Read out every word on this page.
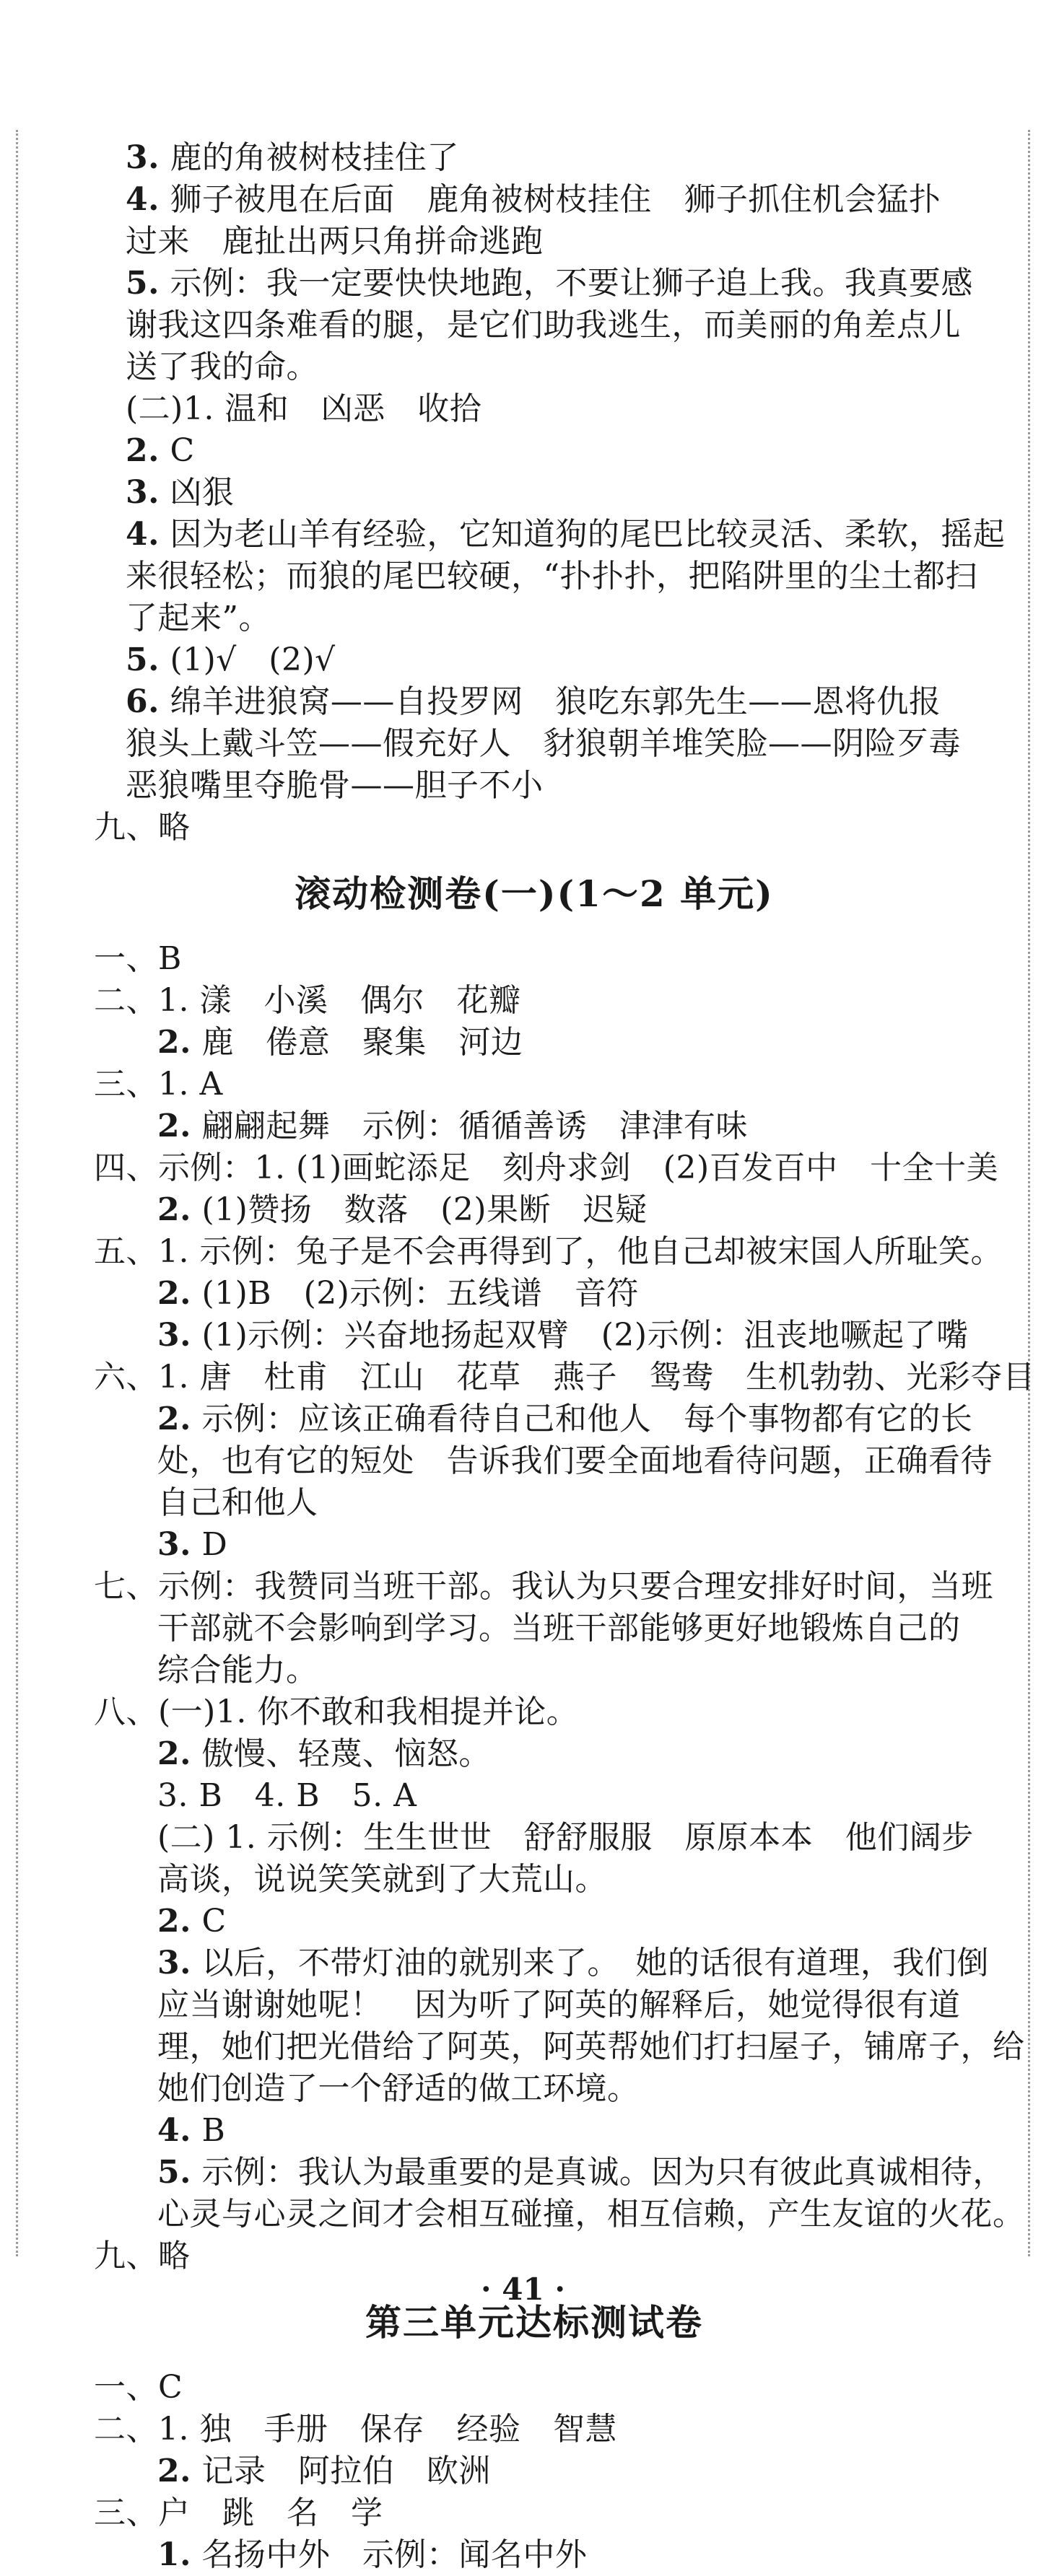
3. 鹿的角被树枝挂住了
4. 狮子被甩在后面　鹿角被树枝挂住　狮子抓住机会猛扑
过来　鹿扯出两只角拼命逃跑
5. 示例：我一定要快快地跑，不要让狮子追上我。我真要感
谢我这四条难看的腿，是它们助我逃生，而美丽的角差点儿
送了我的命。
(二)1. 温和　凶恶　收拾
2. C
3. 凶狠
4. 因为老山羊有经验，它知道狗的尾巴比较灵活、柔软，摇起
来很轻松；而狼的尾巴较硬，“扑扑扑，把陷阱里的尘土都扫
了起来”。
5. (1)√　(2)√
6. 绵羊进狼窝——自投罗网　狼吃东郭先生——恩将仇报
狼头上戴斗笠——假充好人　豺狼朝羊堆笑脸——阴险歹毒
恶狼嘴里夺脆骨——胆子不小
九、略
滚动检测卷(一)(1～2 单元)
一、B
二、1. 漾　小溪　偶尔　花瓣
2. 鹿　倦意　聚集　河边
三、1. A
2. 翩翩起舞　示例：循循善诱　津津有味
四、示例：1. (1)画蛇添足　刻舟求剑　(2)百发百中　十全十美
2. (1)赞扬　数落　(2)果断　迟疑
五、1. 示例：兔子是不会再得到了，他自己却被宋国人所耻笑。
2. (1)B　(2)示例：五线谱　音符
3. (1)示例：兴奋地扬起双臂　(2)示例：沮丧地噘起了嘴
六、1. 唐　杜甫　江山　花草　燕子　鸳鸯　生机勃勃、光彩夺目
2. 示例：应该正确看待自己和他人　每个事物都有它的长
处，也有它的短处　告诉我们要全面地看待问题，正确看待
自己和他人
3. D
七、示例：我赞同当班干部。我认为只要合理安排好时间，当班
干部就不会影响到学习。当班干部能够更好地锻炼自己的
综合能力。
八、(一)1. 你不敢和我相提并论。
2. 傲慢、轻蔑、恼怒。
3. B　4. B　5. A
(二) 1. 示例：生生世世　舒舒服服　原原本本　他们阔步
高谈，说说笑笑就到了大荒山。
2. C
3. 以后，不带灯油的就别来了。　她的话很有道理，我们倒
应当谢谢她呢！　因为听了阿英的解释后，她觉得很有道
理，她们把光借给了阿英，阿英帮她们打扫屋子，铺席子，给
她们创造了一个舒适的做工环境。
4. B
5. 示例：我认为最重要的是真诚。因为只有彼此真诚相待，
心灵与心灵之间才会相互碰撞，相互信赖，产生友谊的火花。
九、略
第三单元达标测试卷
一、C
二、1. 独　手册　保存　经验　智慧
2. 记录　阿拉伯　欧洲
三、户　跳　名　学
1. 名扬中外　示例：闻名中外
· 41 ·
